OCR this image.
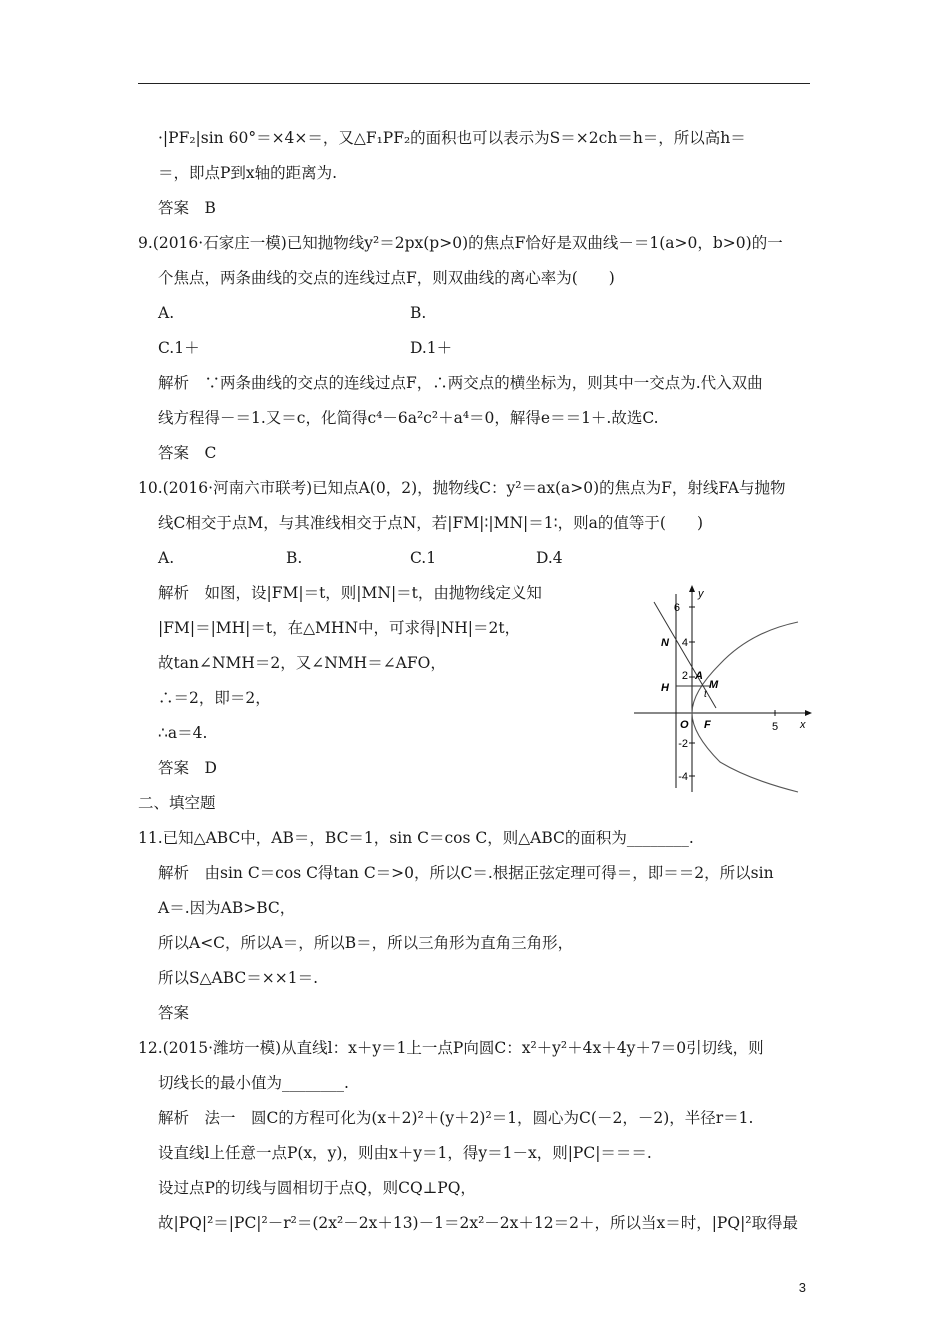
·|PF₂|sin 60°＝×4×＝，又△F₁PF₂的面积也可以表示为S＝×2ch＝h＝，所以高h＝
＝，即点P到x轴的距离为.
答案　B
9.(2016·石家庄一模)已知抛物线y²＝2px(p>0)的焦点F恰好是双曲线－＝1(a>0，b>0)的一
个焦点，两条曲线的交点的连线过点F，则双曲线的离心率为(　　)
A.	B.
C.1＋	D.1＋
解析　∵两条曲线的交点的连线过点F，∴两交点的横坐标为，则其中一交点为.代入双曲
线方程得－＝1.又＝c，化简得c⁴－6a²c²＋a⁴＝0，解得e＝＝1＋.故选C.
答案　C
10.(2016·河南六市联考)已知点A(0，2)，抛物线C：y²＝ax(a>0)的焦点为F，射线FA与抛物
线C相交于点M，与其准线相交于点N，若|FM|∶|MN|＝1∶，则a的值等于(　　)
A.	B.	C.1	D.4
解析　如图，设|FM|＝t，则|MN|＝t，由抛物线定义知
|FM|＝|MH|＝t，在△MHN中，可求得|NH|＝2t，
故tan∠NMH＝2，又∠NMH＝∠AFO，
∴＝2，即＝2，
∴a＝4.
答案　D
二、填空题
11.已知△ABC中，AB＝，BC＝1，sin C＝cos C，则△ABC的面积为________.
解析　由sin C＝cos C得tan C＝>0，所以C＝.根据正弦定理可得＝，即＝＝2，所以sin
A＝.因为AB>BC，
所以A<C，所以A＝，所以B＝，所以三角形为直角三角形，
所以S△ABC＝××1＝.
答案
12.(2015·潍坊一模)从直线l：x＋y＝1上一点P向圆C：x²＋y²＋4x＋4y＋7＝0引切线，则
切线长的最小值为________.
解析　法一　圆C的方程可化为(x＋2)²＋(y＋2)²＝1，圆心为C(－2，－2)，半径r＝1.
设直线l上任意一点P(x，y)，则由x＋y＝1，得y＝1－x，则|PC|＝＝＝.
设过点P的切线与圆相切于点Q，则CQ⊥PQ，
故|PQ|²＝|PC|²－r²＝(2x²－2x＋13)－1＝2x²－2x＋12＝2＋，所以当x＝时，|PQ|²取得最
6
4
2
-2
-4
5 x
y
O
N
H
A
M
t
F
3
